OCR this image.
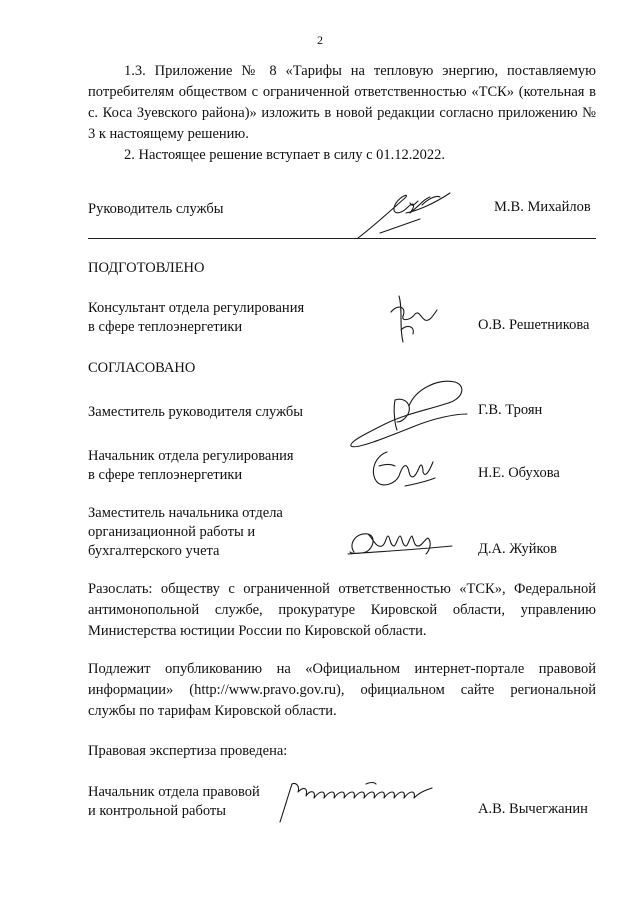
2
1.3. Приложение № 8 «Тарифы на тепловую энергию, поставляемую потребителям обществом с ограниченной ответственностью «ТСК» (котельная в с. Коса Зуевского района)» изложить в новой редакции согласно приложению № 3 к настоящему решению.
2. Настоящее решение вступает в силу с 01.12.2022.
Руководитель службы	М.В. Михайлов
ПОДГОТОВЛЕНО
Консультант отдела регулирования
в сфере теплоэнергетики	О.В. Решетникова
СОГЛАСОВАНО
Заместитель руководителя службы	Г.В. Троян
Начальник отдела регулирования
в сфере теплоэнергетики	Н.Е. Обухова
Заместитель начальника отдела
организационной работы и
бухгалтерского учета	Д.А. Жуйков
Разослать: обществу с ограниченной ответственностью «ТСК», Федеральной антимонопольной службе, прокуратуре Кировской области, управлению Министерства юстиции России по Кировской области.
Подлежит опубликованию на «Официальном интернет-портале правовой информации» (http://www.pravo.gov.ru), официальном сайте региональной службы по тарифам Кировской области.
Правовая экспертиза проведена:
Начальник отдела правовой
и контрольной работы	А.В. Вычегжанин
